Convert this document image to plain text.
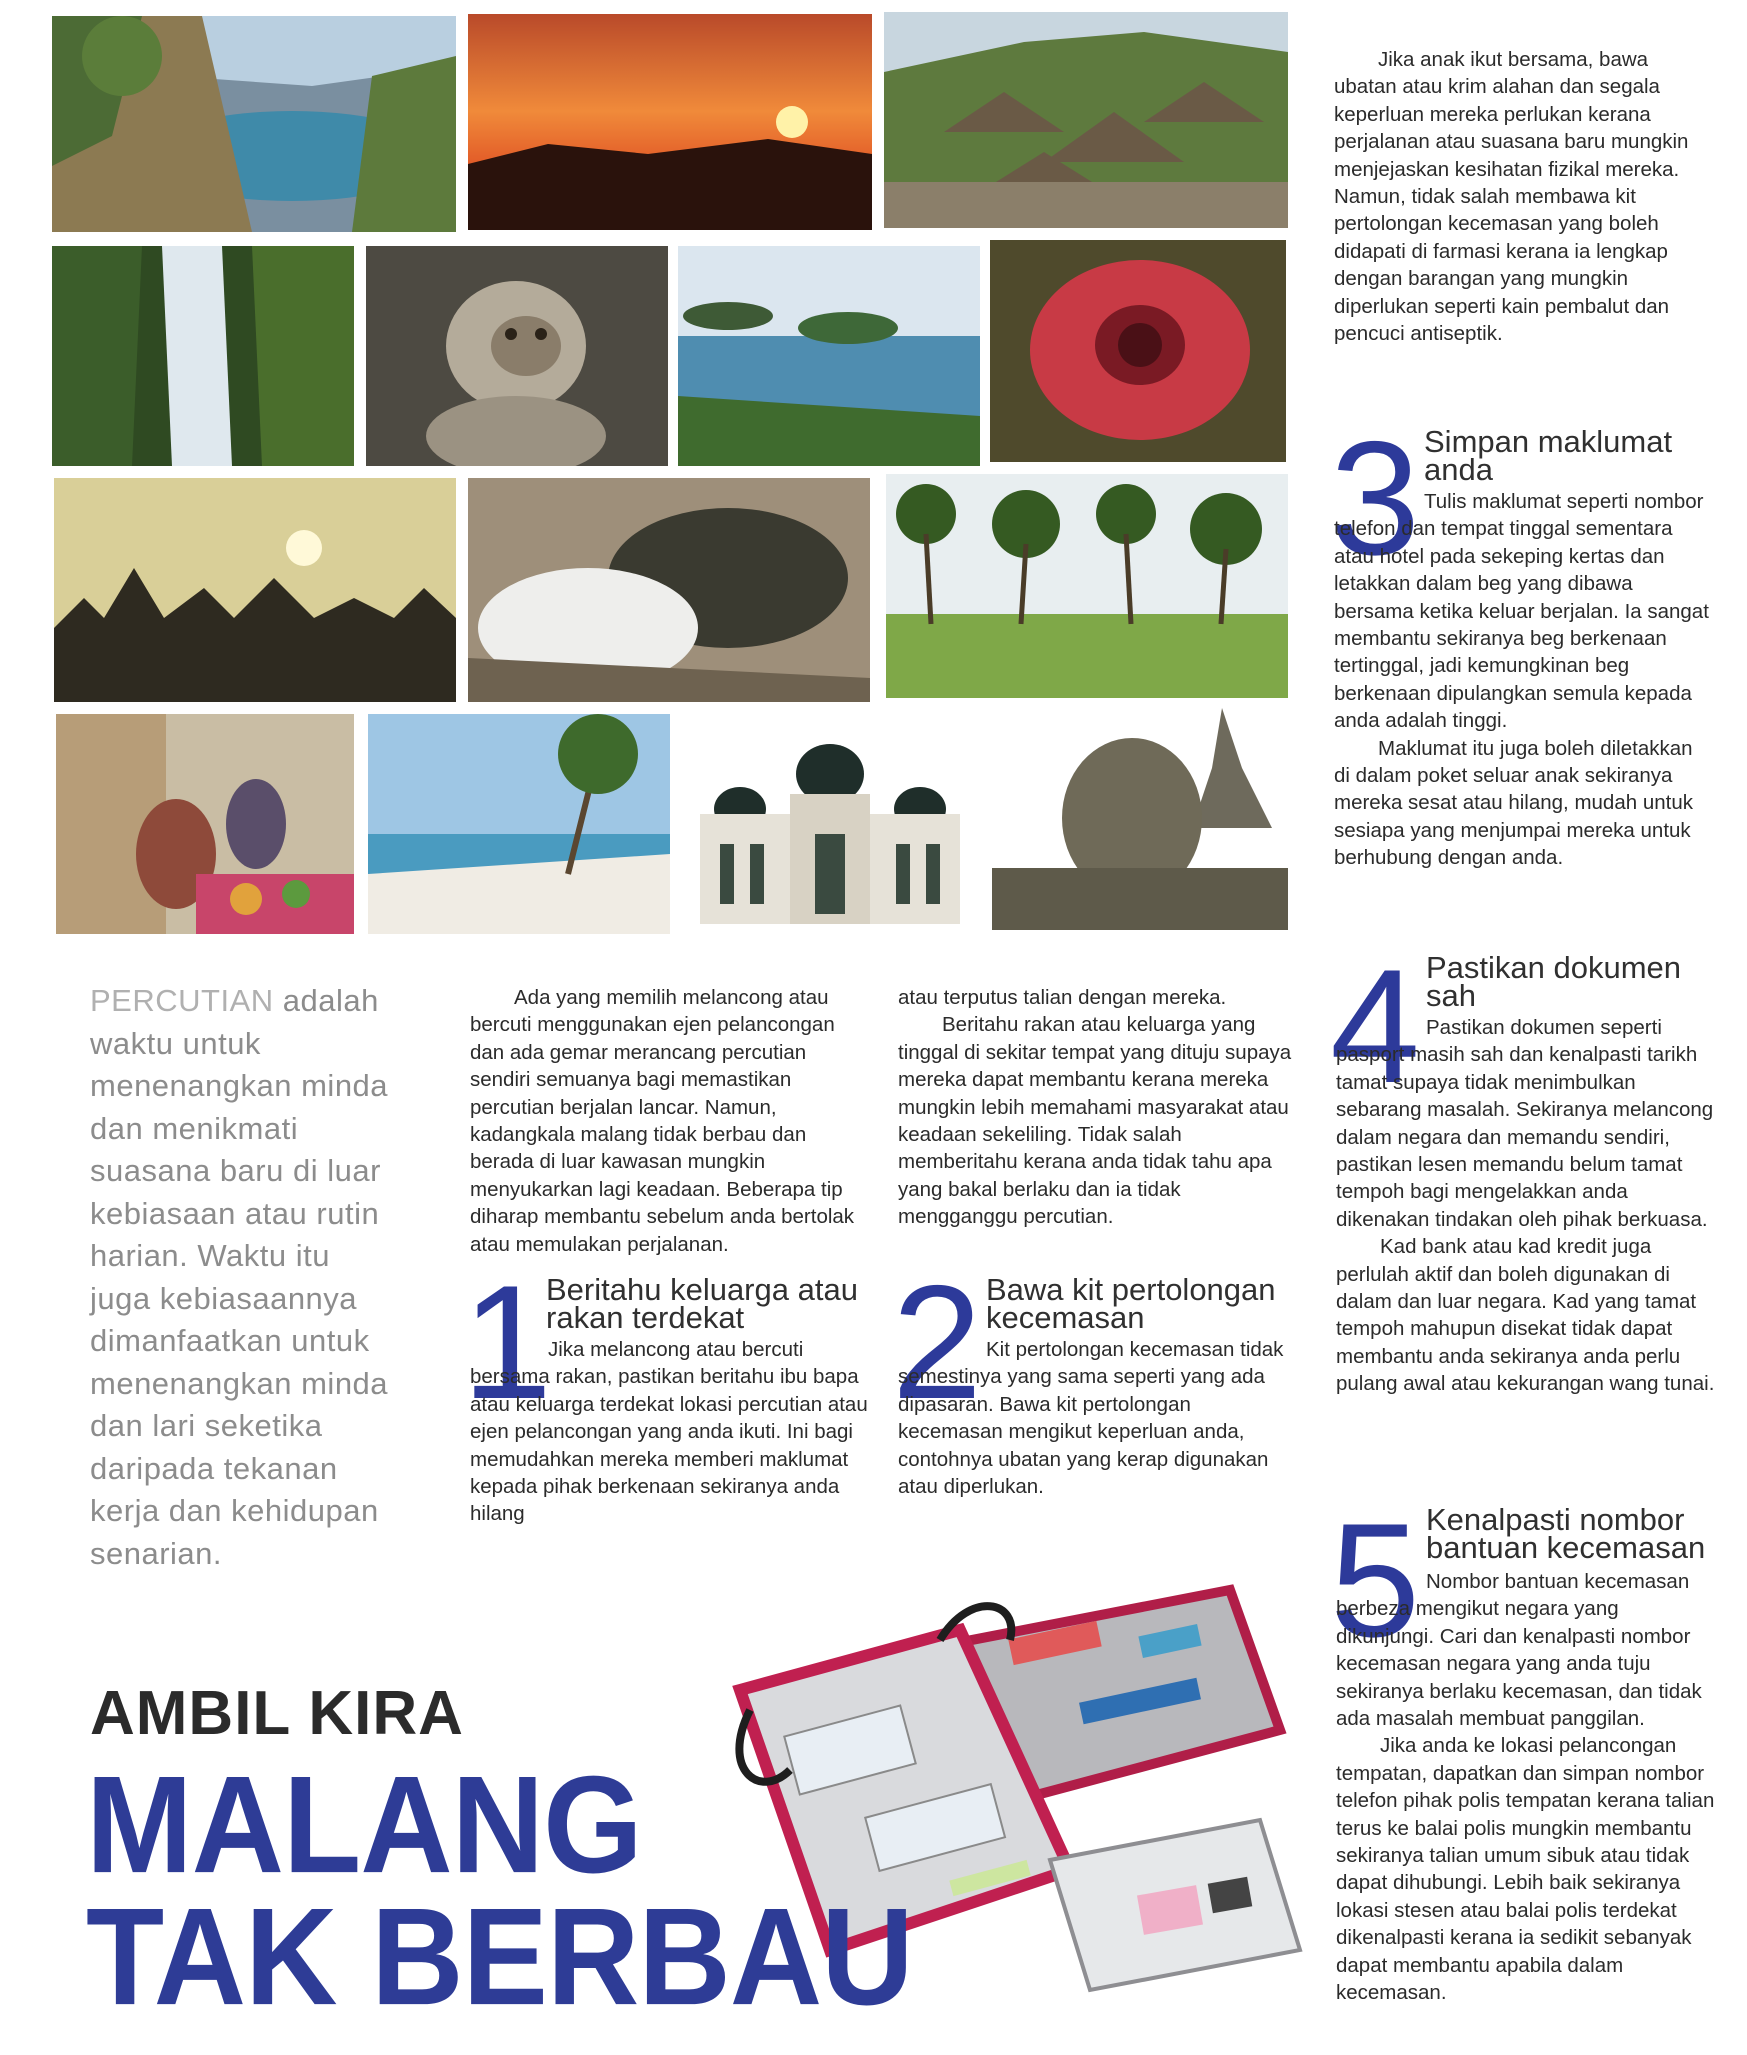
Jika anak ikut bersama, bawa ubatan atau krim alahan dan segala keperluan mereka perlukan kerana perjalanan atau suasana baru mungkin menjejaskan kesihatan fizikal mereka. Namun, tidak salah membawa kit pertolongan kecemasan yang boleh didapati di farmasi kerana ia lengkap dengan barangan yang mungkin diperlukan seperti kain pembalut dan pencuci antiseptik.

3 Simpan maklumat
anda

Tulis maklumat seperti nombor telefon dan tempat tinggal sementara atau hotel pada sekeping kertas dan letakkan dalam beg yang dibawa bersama ketika keluar berjalan. Ia sangat membantu sekiranya beg berkenaan tertinggal, jadi kemungkinan beg berkenaan dipulangkan semula kepada anda adalah tinggi.

Maklumat itu juga boleh diletakkan di dalam poket seluar anak sekiranya mereka sesat atau hilang, mudah untuk sesiapa yang menjumpai mereka untuk berhubung dengan anda.

4 Pastikan dokumen
sah

Pastikan dokumen seperti pasport masih sah dan kenalpasti tarikh tamat supaya tidak menimbulkan sebarang masalah. Sekiranya melancong dalam negara dan memandu sendiri, pastikan lesen memandu belum tamat tempoh bagi mengelakkan anda dikenakan tindakan oleh pihak berkuasa.

Kad bank atau kad kredit juga perlulah aktif dan boleh digunakan di dalam dan luar negara. Kad yang tamat tempoh mahupun disekat tidak dapat membantu anda sekiranya anda perlu pulang awal atau kekurangan wang tunai.

5 Kenalpasti nombor
bantuan kecemasan

Nombor bantuan kecemasan berbeza mengikut negara yang dikunjungi. Cari dan kenalpasti nombor kecemasan negara yang anda tuju sekiranya berlaku kecemasan, dan tidak ada masalah membuat panggilan.

Jika anda ke lokasi pelancongan tempatan, dapatkan dan simpan nombor telefon pihak polis tempatan kerana talian terus ke balai polis mungkin membantu sekiranya talian umum sibuk atau tidak dapat dihubungi. Lebih baik sekiranya lokasi stesen atau balai polis terdekat dikenalpasti kerana ia sedikit sebanyak dapat membantu apabila dalam kecemasan.

PERCUTIAN adalah waktu untuk menenangkan minda dan menikmati suasana baru di luar kebiasaan atau rutin harian. Waktu itu juga kebiasaannya dimanfaatkan untuk menenangkan minda dan lari seketika daripada tekanan kerja dan kehidupan senarian.

Ada yang memilih melancong atau bercuti menggunakan ejen pelancongan dan ada gemar merancang percutian sendiri semuanya bagi memastikan percutian berjalan lancar. Namun, kadangkala malang tidak berbau dan berada di luar kawasan mungkin menyukarkan lagi keadaan. Beberapa tip diharap membantu sebelum anda bertolak atau memulakan perjalanan.

atau terputus talian dengan mereka.

Beritahu rakan atau keluarga yang tinggal di sekitar tempat yang dituju supaya mereka dapat membantu kerana mereka mungkin lebih memahami masyarakat atau keadaan sekeliling. Tidak salah memberitahu kerana anda tidak tahu apa yang bakal berlaku dan ia tidak mengganggu percutian.

1
Beritahu keluarga atau
rakan terdekat

Jika melancong atau bercuti bersama rakan, pastikan beritahu ibu bapa atau keluarga terdekat lokasi percutian atau ejen pelancongan yang anda ikuti. Ini bagi memudahkan mereka memberi maklumat kepada pihak berkenaan sekiranya anda hilang

2 Bawa kit pertolongan
kecemasan

Kit pertolongan kecemasan tidak semestinya yang sama seperti yang ada dipasaran. Bawa kit pertolongan kecemasan mengikut keperluan anda, contohnya ubatan yang kerap digunakan atau diperlukan.

AMBIL KIRA
MALANG
TAK BERBAU
